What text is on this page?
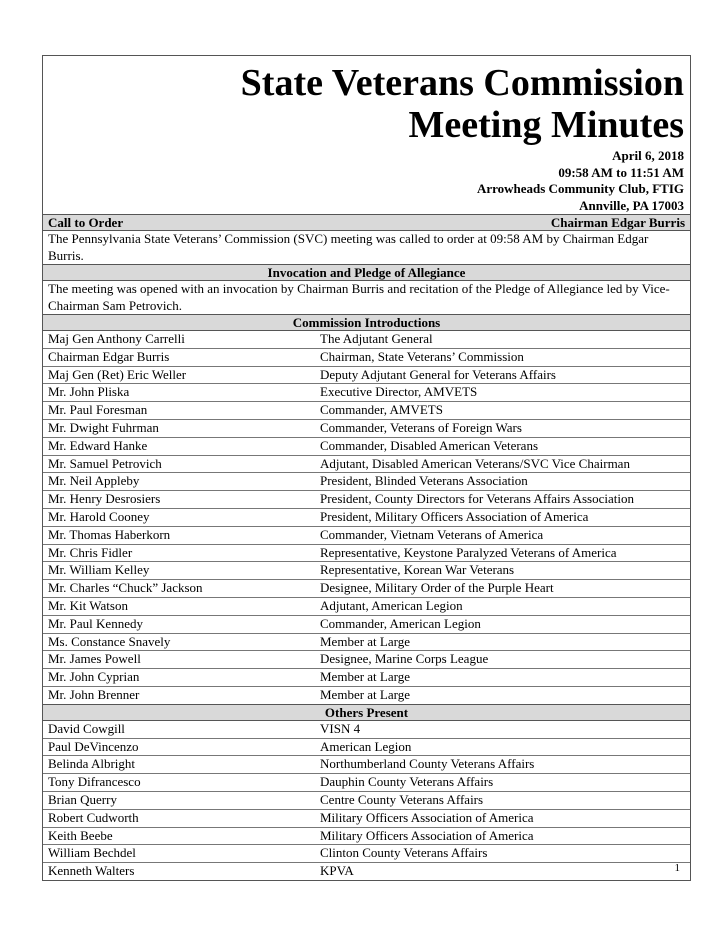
State Veterans Commission
Meeting Minutes
April 6, 2018
09:58 AM to 11:51 AM
Arrowheads Community Club, FTIG
Annville, PA 17003
Call to Order	Chairman Edgar Burris
The Pennsylvania State Veterans’ Commission (SVC) meeting was called to order at 09:58 AM by Chairman Edgar Burris.
Invocation and Pledge of Allegiance
The meeting was opened with an invocation by Chairman Burris and recitation of the Pledge of Allegiance led by Vice-Chairman Sam Petrovich.
Commission Introductions
Maj Gen Anthony Carrelli	The Adjutant General
Chairman Edgar Burris	Chairman, State Veterans’ Commission
Maj Gen (Ret) Eric Weller	Deputy Adjutant General for Veterans Affairs
Mr. John Pliska	Executive Director, AMVETS
Mr. Paul Foresman	Commander, AMVETS
Mr. Dwight Fuhrman	Commander, Veterans of Foreign Wars
Mr. Edward Hanke	Commander, Disabled American Veterans
Mr. Samuel Petrovich	Adjutant, Disabled American Veterans/SVC Vice Chairman
Mr. Neil Appleby	President, Blinded Veterans Association
Mr. Henry Desrosiers	President, County Directors for Veterans Affairs Association
Mr. Harold Cooney	President, Military Officers Association of America
Mr. Thomas Haberkorn	Commander, Vietnam Veterans of America
Mr. Chris Fidler	Representative, Keystone Paralyzed Veterans of America
Mr. William Kelley	Representative, Korean War Veterans
Mr. Charles “Chuck” Jackson	Designee, Military Order of the Purple Heart
Mr. Kit Watson	Adjutant, American Legion
Mr. Paul Kennedy	Commander, American Legion
Ms. Constance Snavely	Member at Large
Mr. James Powell	Designee, Marine Corps League
Mr. John Cyprian	Member at Large
Mr. John Brenner	Member at Large
Others Present
David Cowgill	VISN 4
Paul DeVincenzo	American Legion
Belinda Albright	Northumberland County Veterans Affairs
Tony Difrancesco	Dauphin County Veterans Affairs
Brian Querry	Centre County Veterans Affairs
Robert Cudworth	Military Officers Association of America
Keith Beebe	Military Officers Association of America
William Bechdel	Clinton County Veterans Affairs
Kenneth Walters	KPVA	1
